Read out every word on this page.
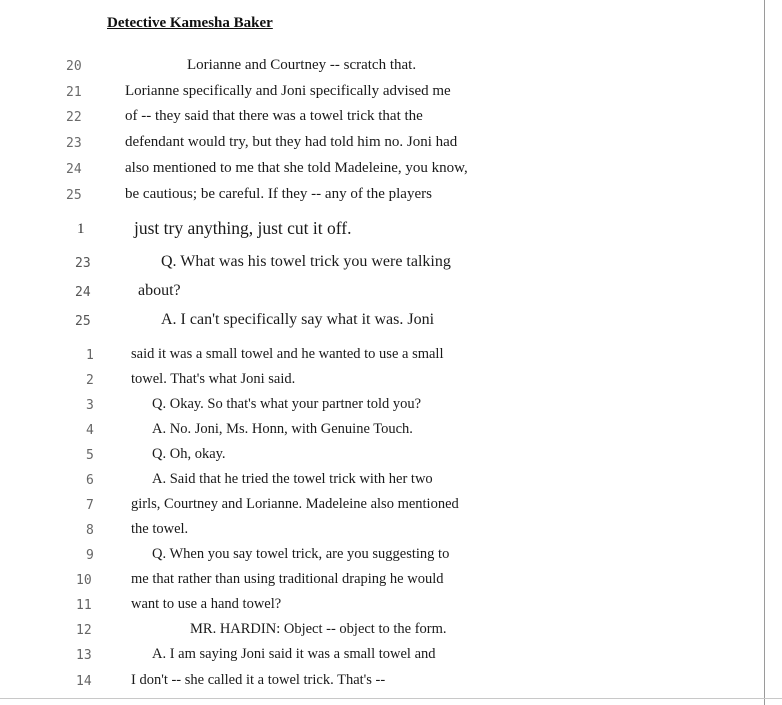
Detective Kamesha Baker
20	Lorianne and Courtney -- scratch that.
21	Lorianne specifically and Joni specifically advised me
22	of -- they said that there was a towel trick that the
23	defendant would try, but they had told him no. Joni had
24	also mentioned to me that she told Madeleine, you know,
25	be cautious; be careful. If they -- any of the players
1	just try anything, just cut it off.
23	Q. What was his towel trick you were talking
24	about?
25	A. I can't specifically say what it was. Joni
1	said it was a small towel and he wanted to use a small
2	towel. That's what Joni said.
3	Q. Okay. So that's what your partner told you?
4	A. No. Joni, Ms. Honn, with Genuine Touch.
5	Q. Oh, okay.
6	A. Said that he tried the towel trick with her two
7	girls, Courtney and Lorianne. Madeleine also mentioned
8	the towel.
9	Q. When you say towel trick, are you suggesting to
10	me that rather than using traditional draping he would
11	want to use a hand towel?
12	MR. HARDIN: Object -- object to the form.
13	A. I am saying Joni said it was a small towel and
14	I don't -- she called it a towel trick. That's --
